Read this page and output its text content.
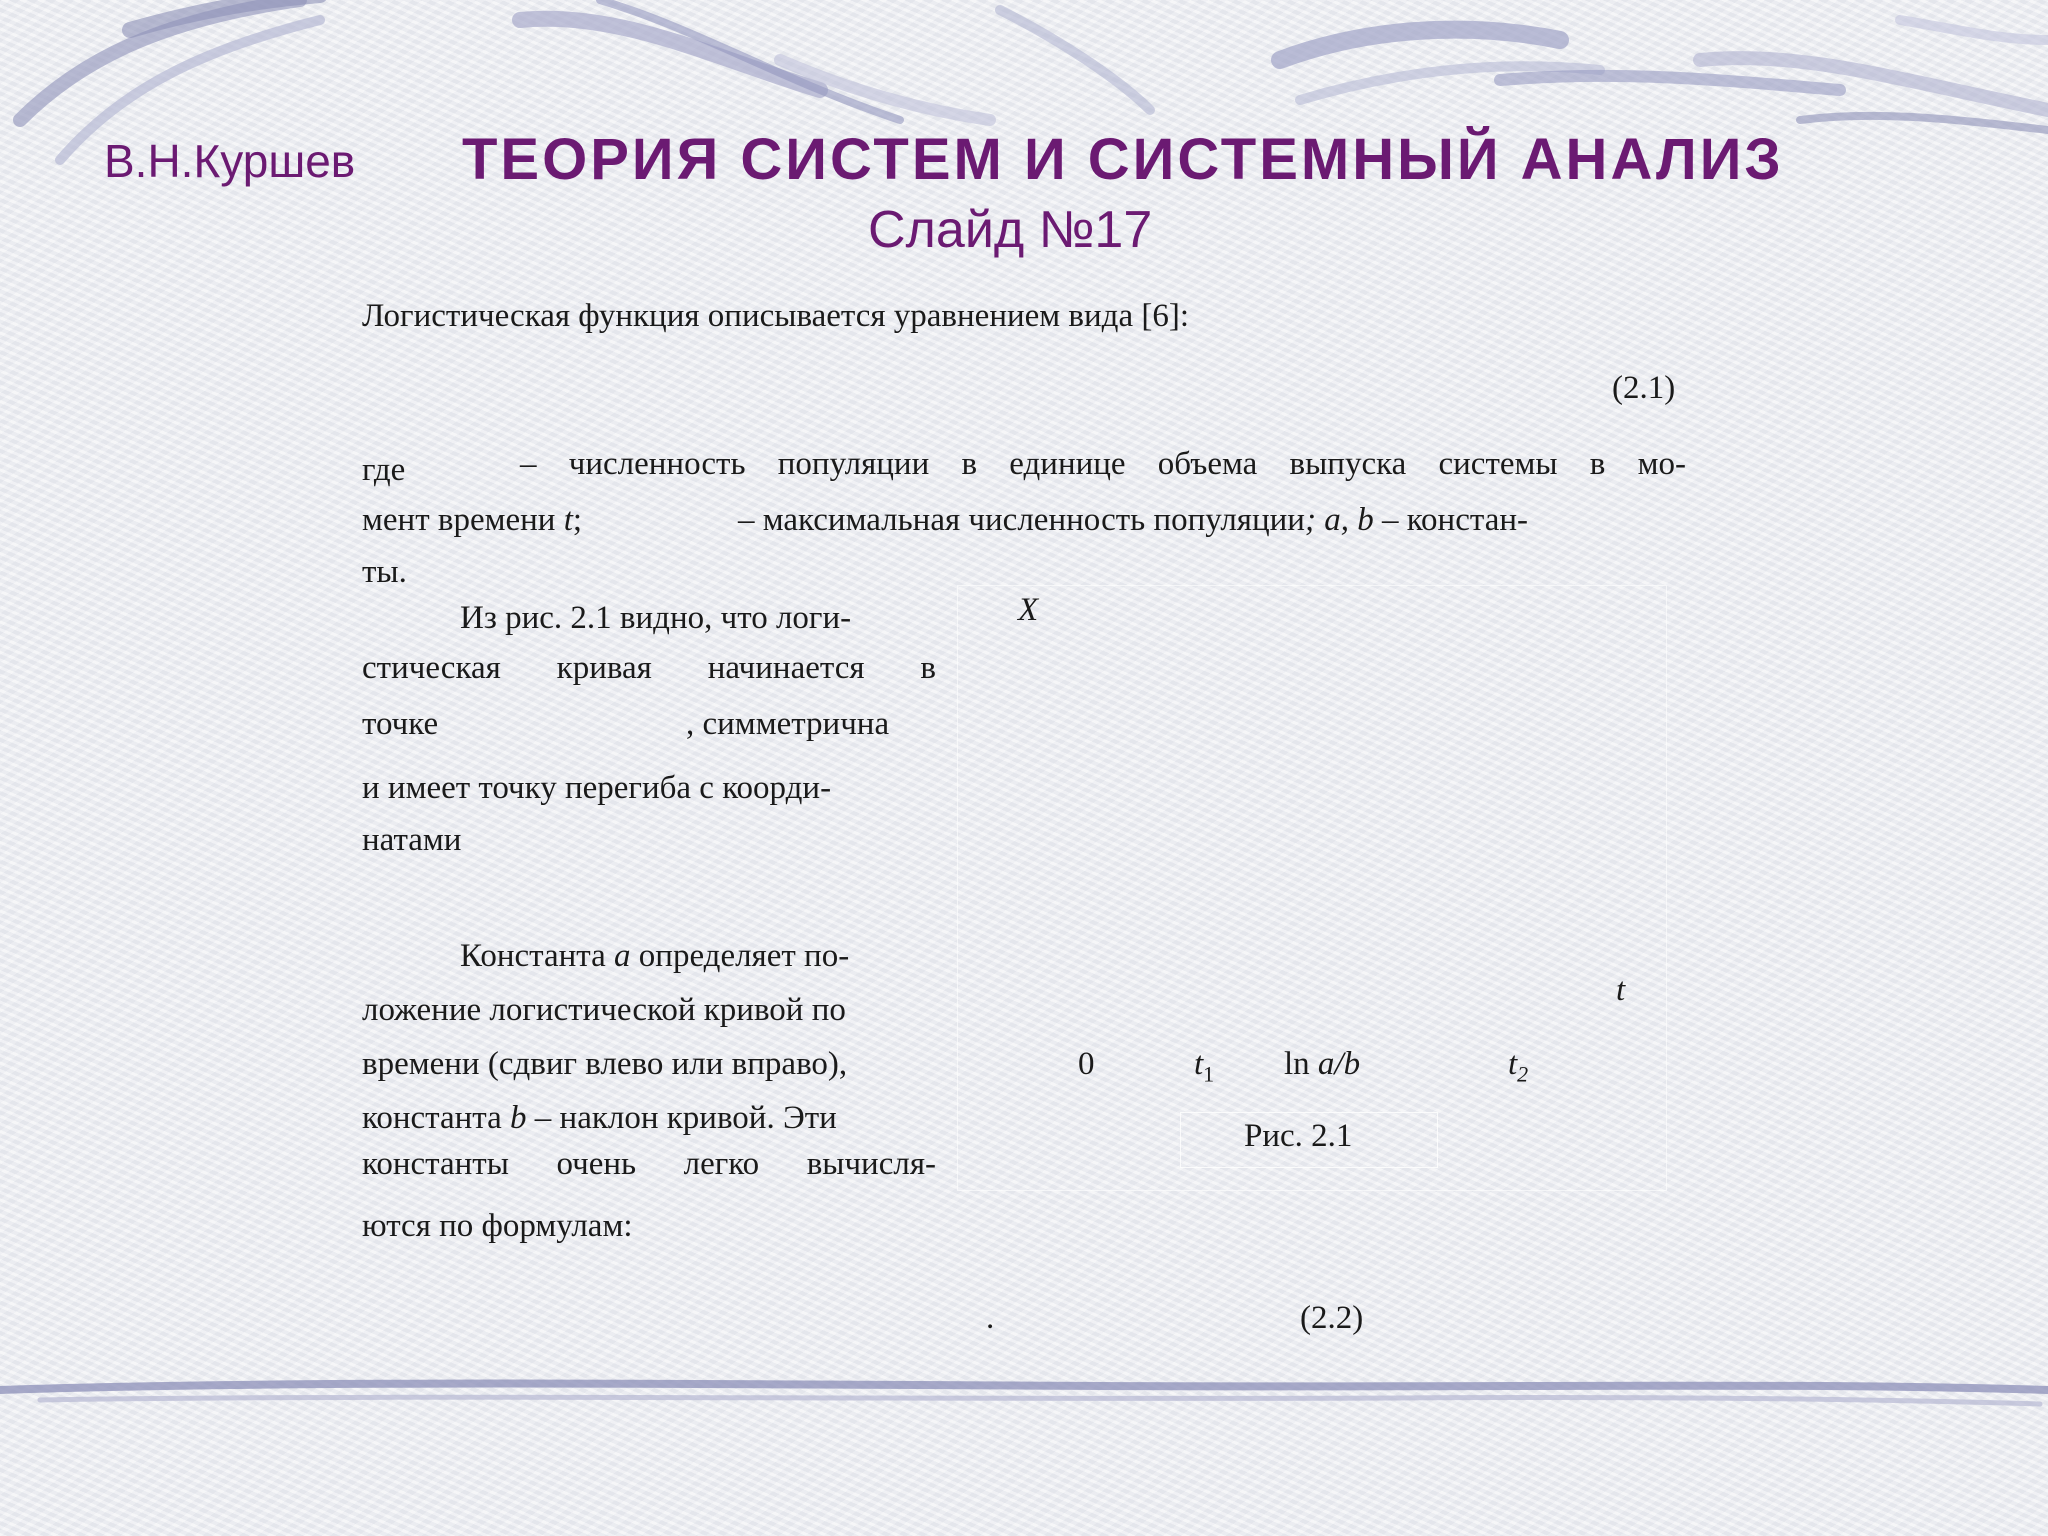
В.Н.Куршев ТЕОРИЯ СИСТЕМ И СИСТЕМНЫЙ АНАЛИЗ
Слайд №17
Логистическая функция описывается уравнением вида [6]:
(2.1)
где	– численность популяции в единице объема выпуска системы в мо-
мент времени t;	– максимальная численность популяции; a, b – констан-
ты.
Из рис. 2.1 видно, что логи-
стическая кривая начинается в
точке	, симметрична
и имеет точку перегиба с коорди-
натами
Константа a определяет по-
ложение логистической кривой по
времени (сдвиг влево или вправо),
константа b – наклон кривой. Эти
константы очень легко вычисля-
ются по формулам:
X
t
0	$t_1$ ln a/b	$t_2$
Рис. 2.1
.	(2.2)
